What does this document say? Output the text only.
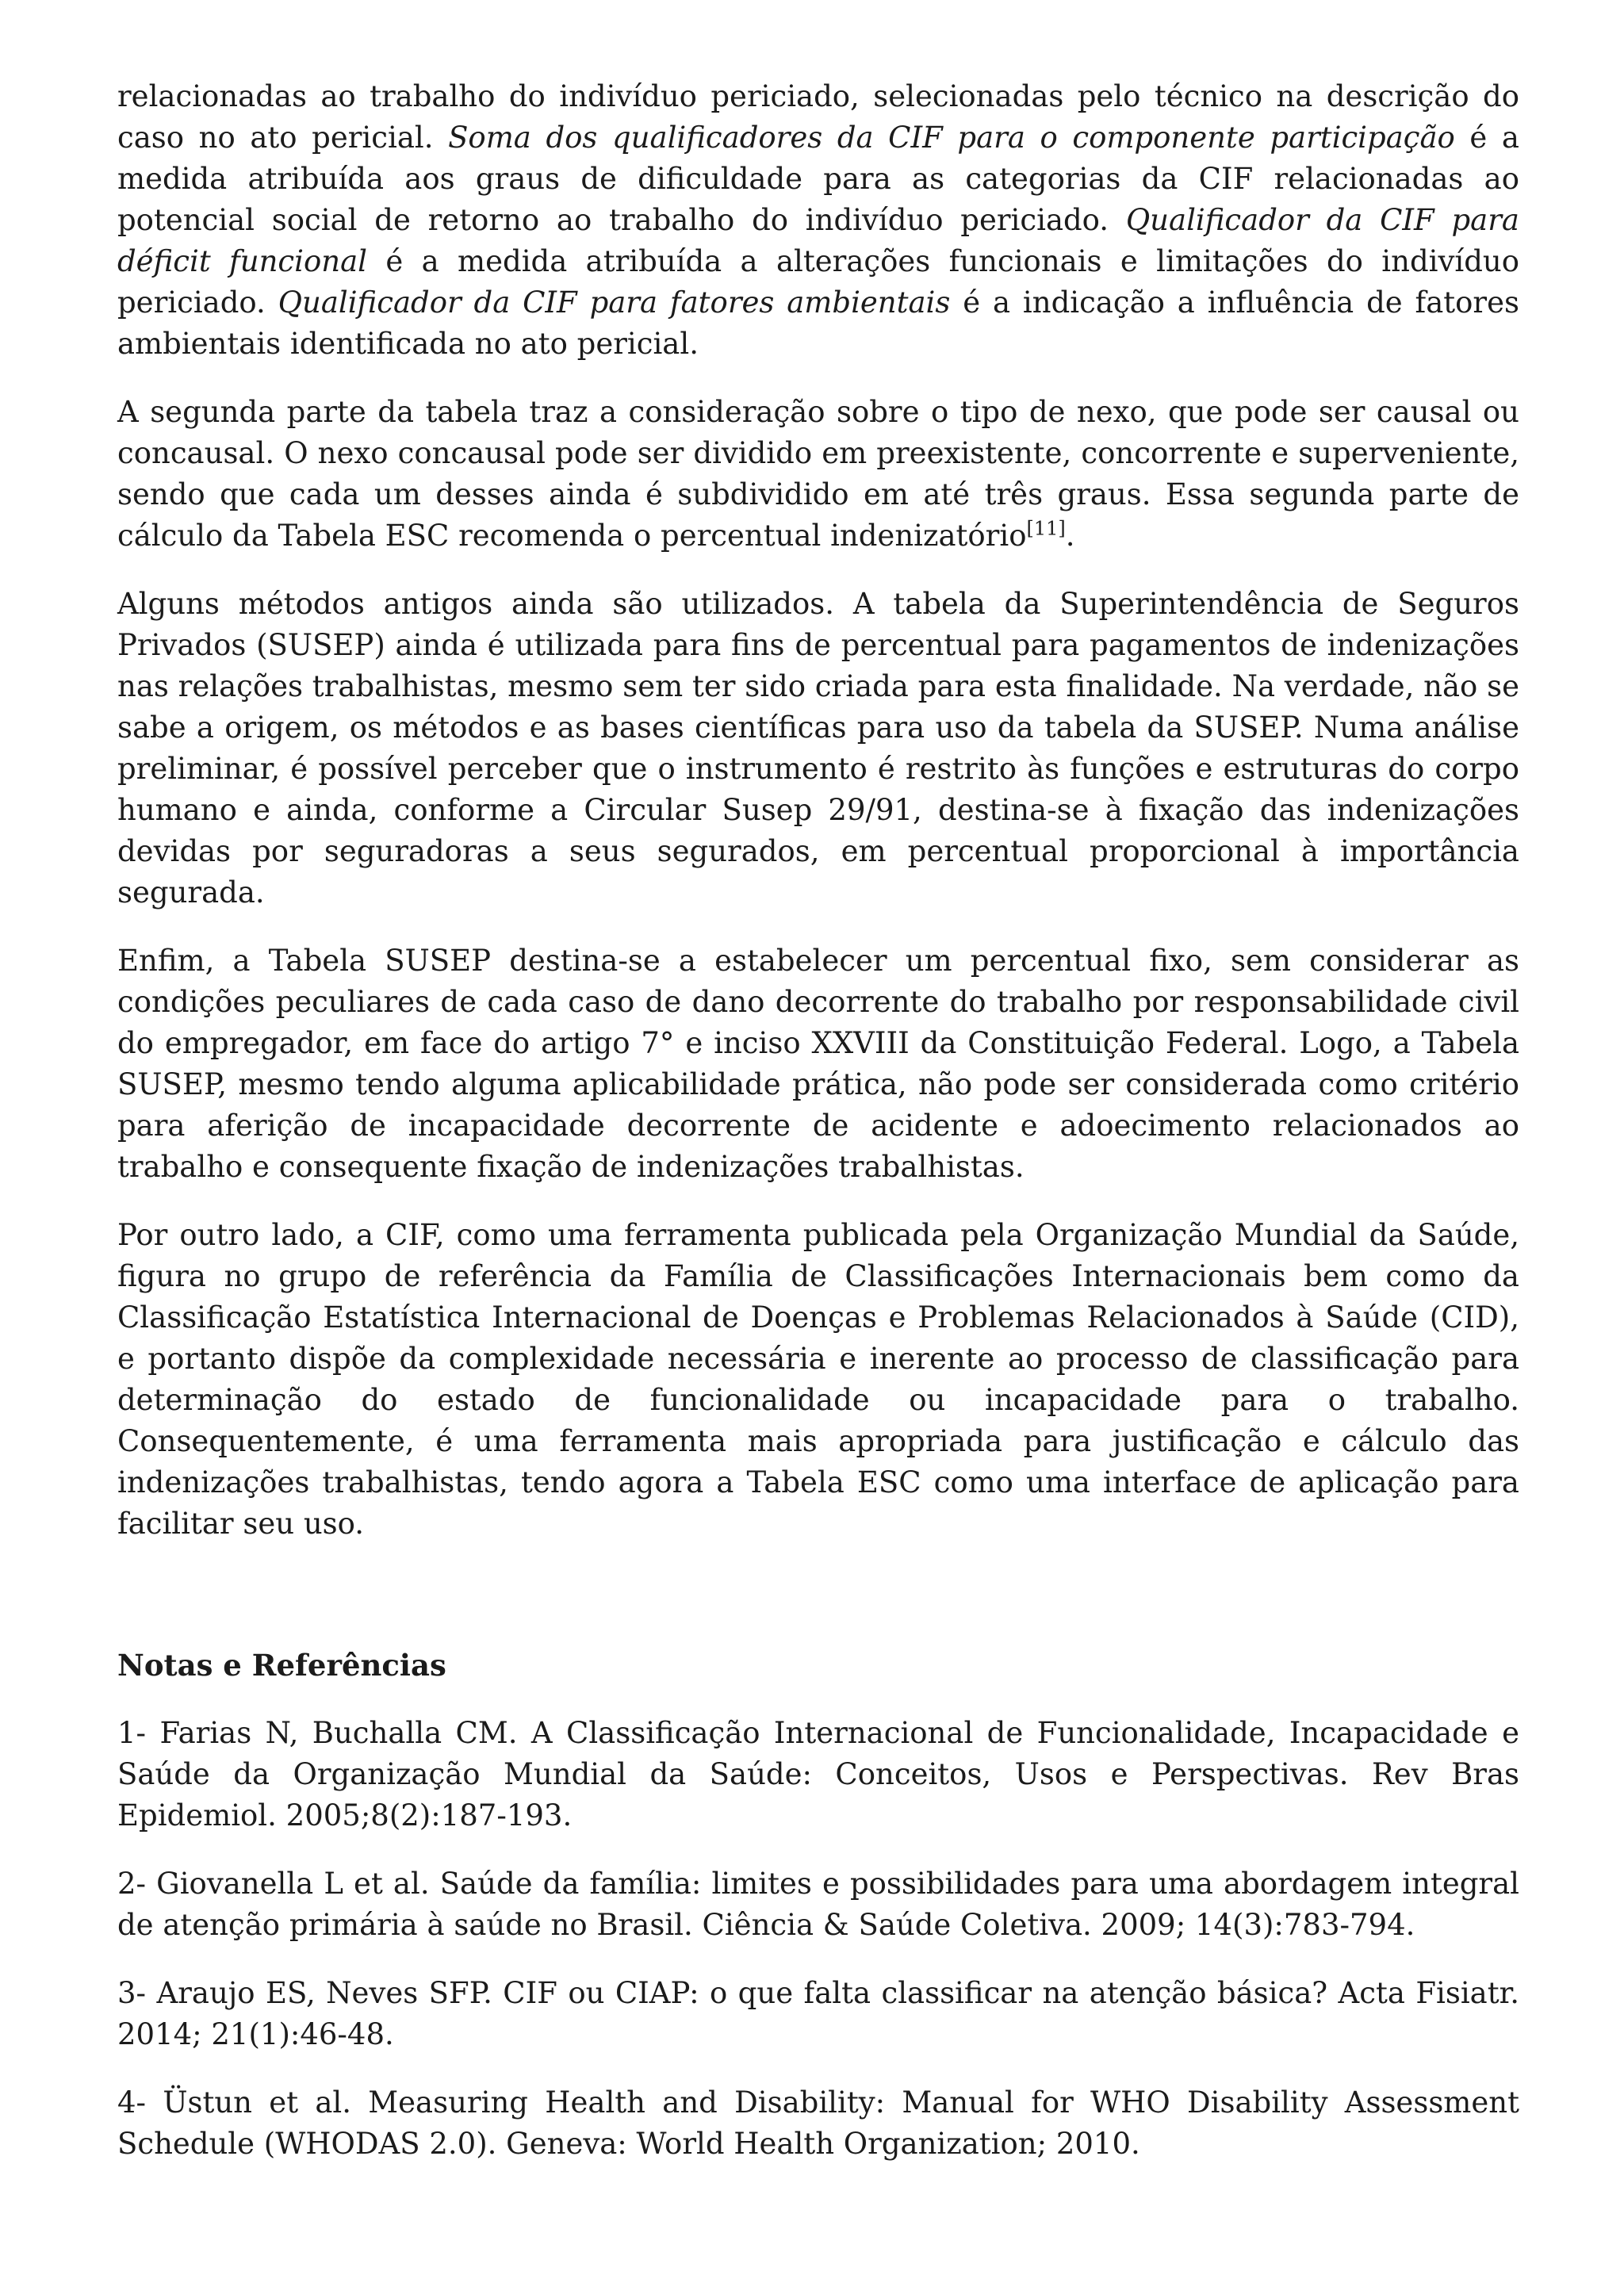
relacionadas ao trabalho do indivíduo periciado, selecionadas pelo técnico na descrição do caso no ato pericial. Soma dos qualificadores da CIF para o componente participação é a medida atribuída aos graus de dificuldade para as categorias da CIF relacionadas ao potencial social de retorno ao trabalho do indivíduo periciado. Qualificador da CIF para déficit funcional é a medida atribuída a alterações funcionais e limitações do indivíduo periciado. Qualificador da CIF para fatores ambientais é a indicação a influência de fatores ambientais identificada no ato pericial.

A segunda parte da tabela traz a consideração sobre o tipo de nexo, que pode ser causal ou concausal. O nexo concausal pode ser dividido em preexistente, concorrente e superveniente, sendo que cada um desses ainda é subdividido em até três graus. Essa segunda parte de cálculo da Tabela ESC recomenda o percentual indenizatório[11].

Alguns métodos antigos ainda são utilizados. A tabela da Superintendência de Seguros Privados (SUSEP) ainda é utilizada para fins de percentual para pagamentos de indenizações nas relações trabalhistas, mesmo sem ter sido criada para esta finalidade. Na verdade, não se sabe a origem, os métodos e as bases científicas para uso da tabela da SUSEP. Numa análise preliminar, é possível perceber que o instrumento é restrito às funções e estruturas do corpo humano e ainda, conforme a Circular Susep 29/91, destina-se à fixação das indenizações devidas por seguradoras a seus segurados, em percentual proporcional à importância segurada.

Enfim, a Tabela SUSEP destina-se a estabelecer um percentual fixo, sem considerar as condições peculiares de cada caso de dano decorrente do trabalho por responsabilidade civil do empregador, em face do artigo 7° e inciso XXVIII da Constituição Federal. Logo, a Tabela SUSEP, mesmo tendo alguma aplicabilidade prática, não pode ser considerada como critério para aferição de incapacidade decorrente de acidente e adoecimento relacionados ao trabalho e consequente fixação de indenizações trabalhistas.

Por outro lado, a CIF, como uma ferramenta publicada pela Organização Mundial da Saúde, figura no grupo de referência da Família de Classificações Internacionais bem como da Classificação Estatística Internacional de Doenças e Problemas Relacionados à Saúde (CID), e portanto dispõe da complexidade necessária e inerente ao processo de classificação para determinação do estado de funcionalidade ou incapacidade para o trabalho. Consequentemente, é uma ferramenta mais apropriada para justificação e cálculo das indenizações trabalhistas, tendo agora a Tabela ESC como uma interface de aplicação para facilitar seu uso.

Notas e Referências

1- Farias N, Buchalla CM. A Classificação Internacional de Funcionalidade, Incapacidade e Saúde da Organização Mundial da Saúde: Conceitos, Usos e Perspectivas. Rev Bras Epidemiol. 2005;8(2):187-193.

2- Giovanella L et al. Saúde da família: limites e possibilidades para uma abordagem integral de atenção primária à saúde no Brasil. Ciência & Saúde Coletiva. 2009; 14(3):783-794.

3- Araujo ES, Neves SFP. CIF ou CIAP: o que falta classificar na atenção básica? Acta Fisiatr. 2014; 21(1):46-48.

4- Üstun et al. Measuring Health and Disability: Manual for WHO Disability Assessment Schedule (WHODAS 2.0). Geneva: World Health Organization; 2010.
